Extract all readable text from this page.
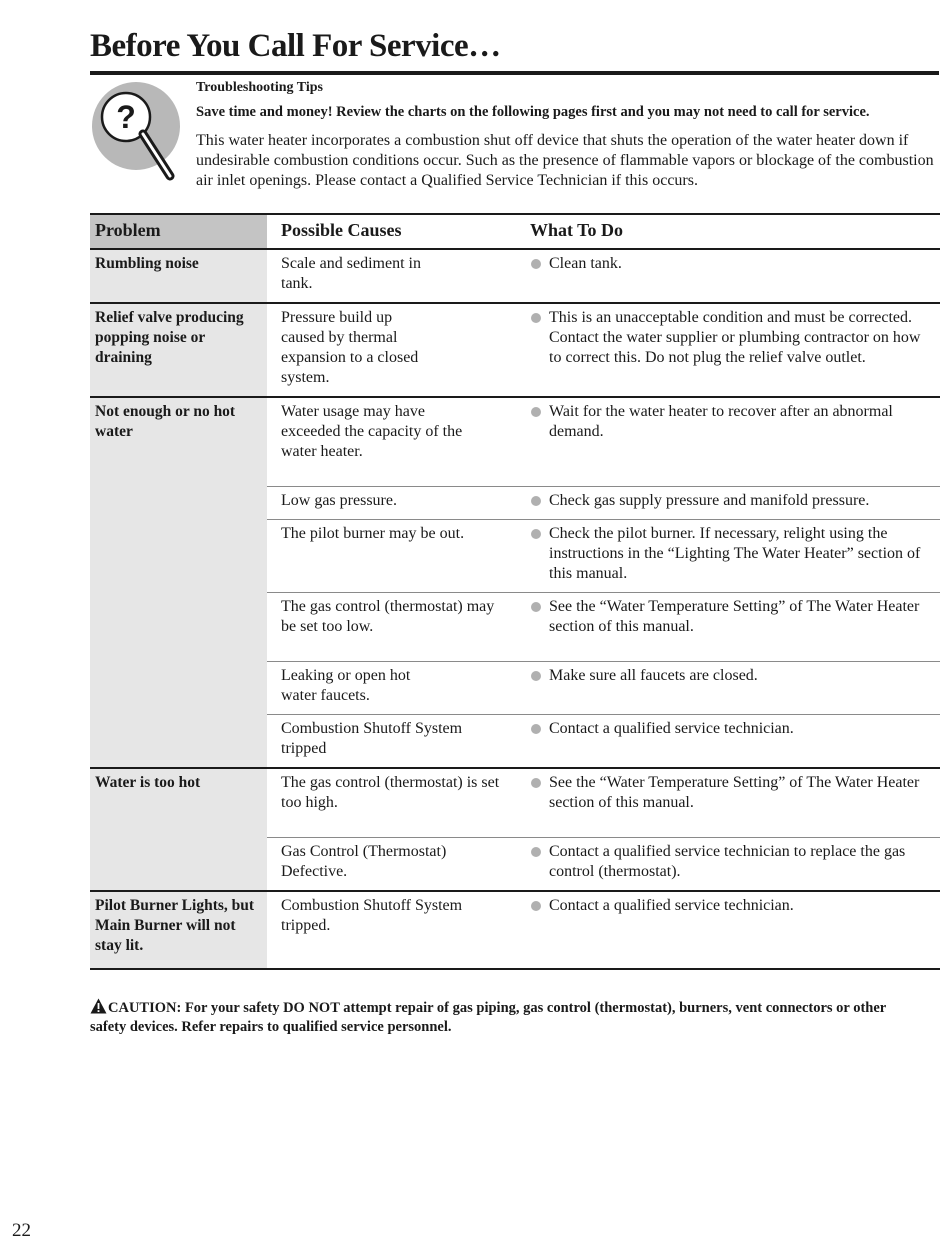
Before You Call For Service…
?

Troubleshooting Tips

Save time and money! Review the charts on the following pages first and you may not need to call for service.

This water heater incorporates a combustion shut off device that shuts the operation of the water heater down if undesirable combustion conditions occur. Such as the presence of flammable vapors or blockage of the combustion air inlet openings. Please contact a Qualified Service Technician if this occurs.

Problem	Possible Causes	What To Do
Rumbling noise	Scale and sediment in tank.	Clean tank.

Relief valve producing popping noise or draining	Pressure build up caused by thermal expansion to a closed system.	This is an unacceptable condition and must be corrected. Contact the water supplier or plumbing contractor on how to correct this. Do not plug the relief valve outlet.

Not enough or no hot water	Water usage may have exceeded the capacity of the water heater.	Wait for the water heater to recover after an abnormal demand.

	Low gas pressure.	Check gas supply pressure and manifold pressure.

	The pilot burner may be out.	Check the pilot burner. If necessary, relight using the instructions in the “Lighting The Water Heater” section of this manual.

	The gas control (thermostat) may be set too low.	See the “Water Temperature Setting” of The Water Heater section of this manual.

	Leaking or open hot water faucets.	Make sure all faucets are closed.

	Combustion Shutoff System tripped	Contact a qualified service technician.

Water is too hot	The gas control (thermostat) is set too high.	See the “Water Temperature Setting” of The Water Heater section of this manual.

	Gas Control (Thermostat) Defective.	Contact a qualified service technician to replace the gas control (thermostat).

Pilot Burner Lights, but Main Burner will not stay lit.	Combustion Shutoff System tripped.	Contact a qualified service technician.

CAUTION: For your safety DO NOT attempt repair of gas piping, gas control (thermostat), burners, vent connectors or other safety devices. Refer repairs to qualified service personnel.

22
